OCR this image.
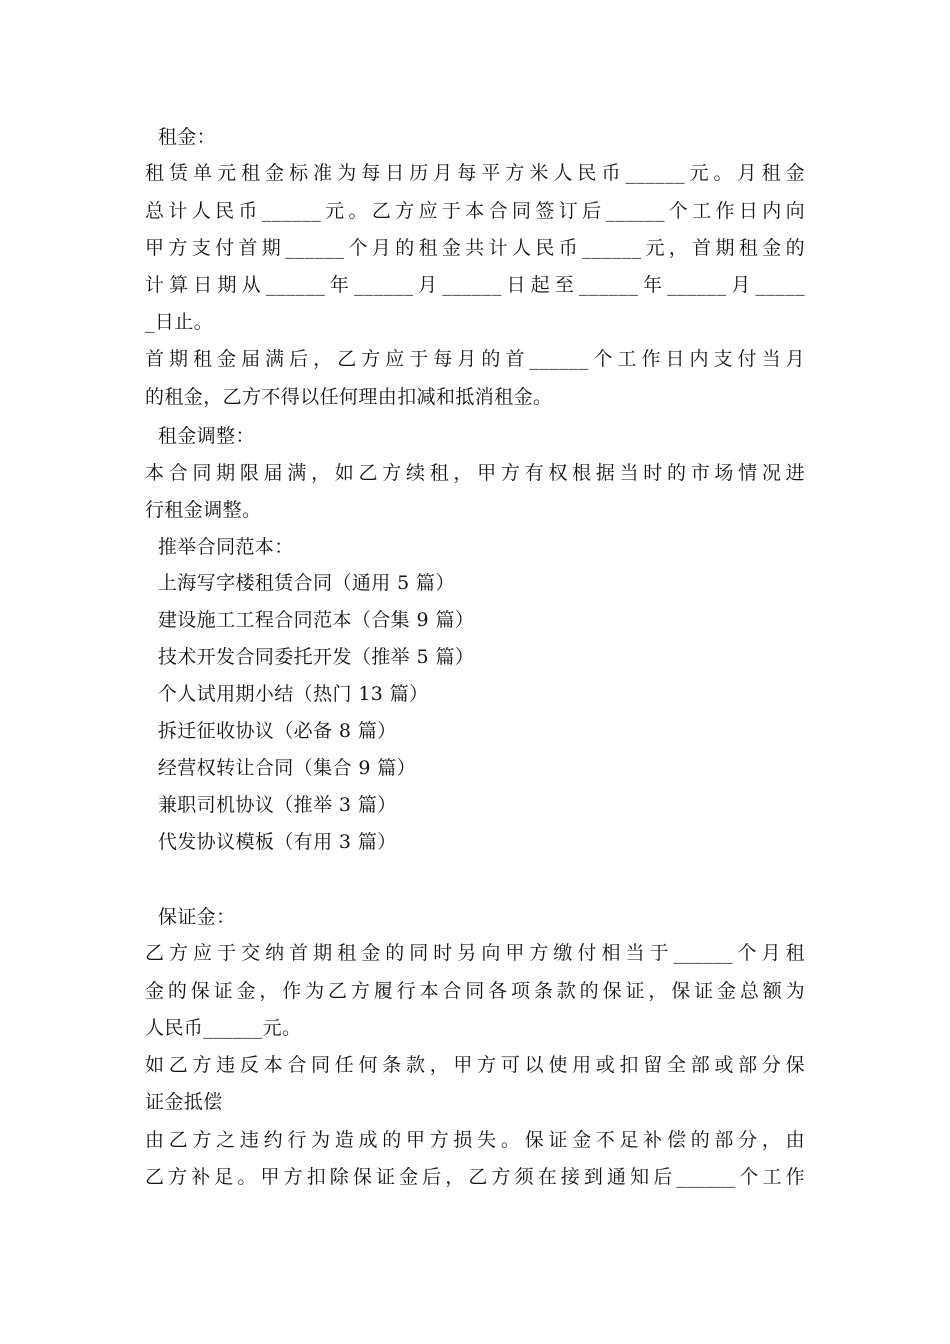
租金：
租赁单元租金标准为每日历月每平方米人民币______元。月租金
总计人民币______元。乙方应于本合同签订后______个工作日内向
甲方支付首期______个月的租金共计人民币______元，首期租金的
计算日期从______年______月______日起至______年______月_____
_日止。
首期租金届满后，乙方应于每月的首______个工作日内支付当月
的租金，乙方不得以任何理由扣减和抵消租金。
租金调整：
本合同期限届满，如乙方续租，甲方有权根据当时的市场情况进
行租金调整。
推举合同范本：
上海写字楼租赁合同（通用 5 篇）
建设施工工程合同范本（合集 9 篇）
技术开发合同委托开发（推举 5 篇）
个人试用期小结（热门 13 篇）
拆迁征收协议（必备 8 篇）
经营权转让合同（集合 9 篇）
兼职司机协议（推举 3 篇）
代发协议模板（有用 3 篇）
保证金：
乙方应于交纳首期租金的同时另向甲方缴付相当于______个月租
金的保证金，作为乙方履行本合同各项条款的保证，保证金总额为
人民币______元。
如乙方违反本合同任何条款，甲方可以使用或扣留全部或部分保
证金抵偿
由乙方之违约行为造成的甲方损失。保证金不足补偿的部分，由
乙方补足。甲方扣除保证金后，乙方须在接到通知后______个工作
